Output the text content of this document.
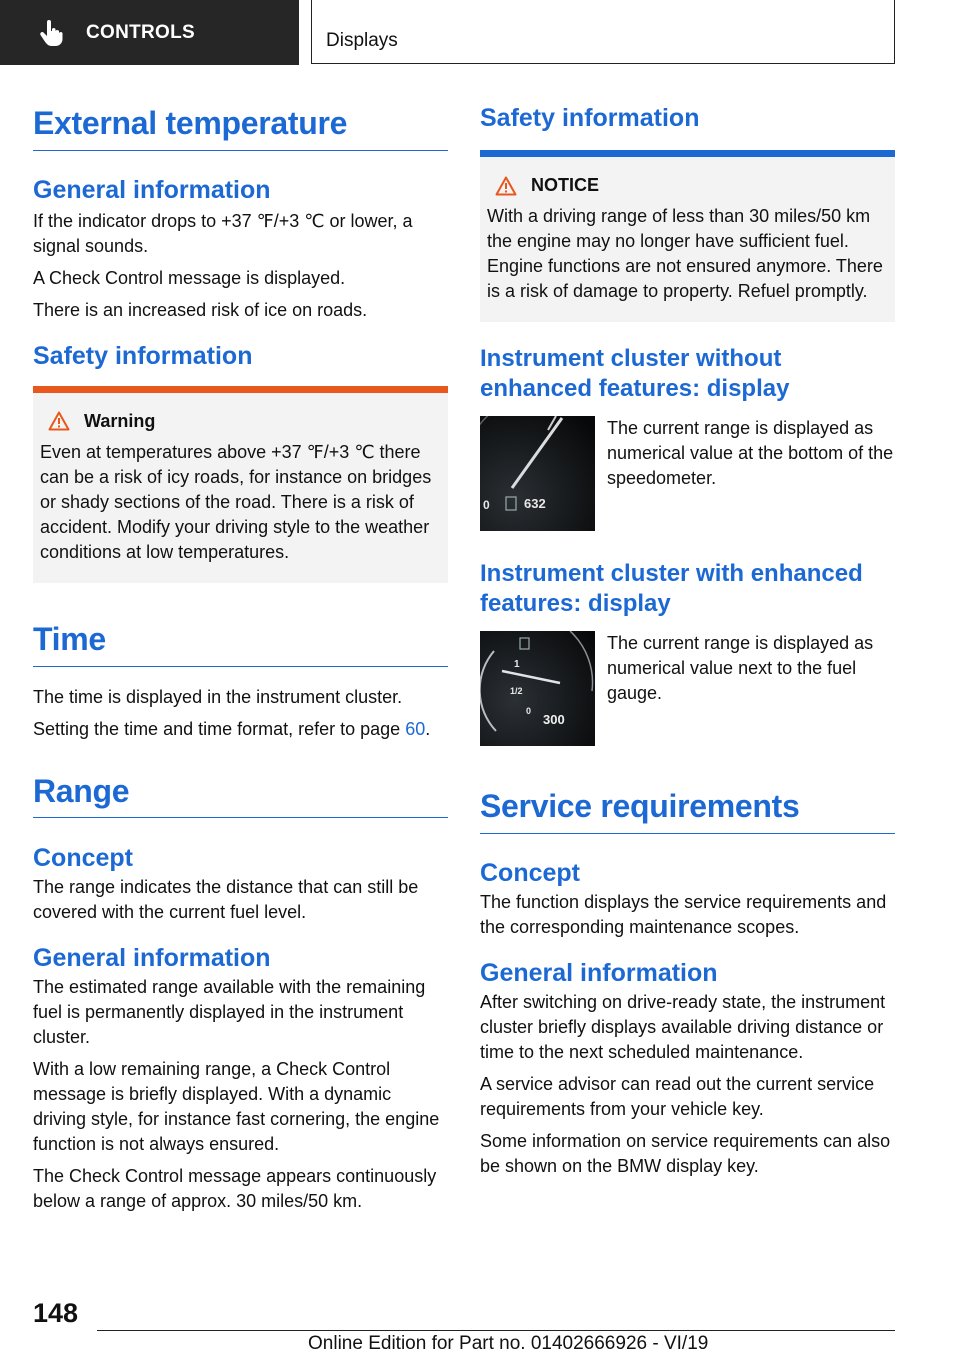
CONTROLS	Displays
External temperature
General information

If the indicator drops to +37 ℉/+3 ℃ or lower, a signal sounds.

A Check Control message is displayed.

There is an increased risk of ice on roads.

Safety information
Warning

Even at temperatures above +37 ℉/+3 ℃ there can be a risk of icy roads, for instance on bridges or shady sections of the road. There is a risk of accident. Modify your driving style to the weather conditions at low temperatures.

Time

The time is displayed in the instrument cluster.

Setting the time and time format, refer to page 60.

Range
Concept

The range indicates the distance that can still be covered with the current fuel level.

General information

The estimated range available with the remaining fuel is permanently displayed in the instrument cluster.

With a low remaining range, a Check Control message is briefly displayed. With a dynamic driving style, for instance fast cornering, the engine function is not always ensured.

The Check Control message appears continuously below a range of approx. 30 miles/50 km.

Safety information
NOTICE

With a driving range of less than 30 miles/50 km the engine may no longer have sufficient fuel. Engine functions are not ensured anymore. There is a risk of damage to property. Refuel promptly.

Instrument cluster without enhanced features: display
0	632

The current range is displayed as numerical value at the bottom of the speedometer.

Instrument cluster with enhanced features: display
1
1/2
0
300

The current range is displayed as numerical value next to the fuel gauge.

Service requirements
Concept

The function displays the service requirements and the corresponding maintenance scopes.

General information

After switching on drive-ready state, the instrument cluster briefly displays available driving distance or time to the next scheduled maintenance.

A service advisor can read out the current service requirements from your vehicle key.

Some information on service requirements can also be shown on the BMW display key.

148
Online Edition for Part no. 01402666926 - VI/19
